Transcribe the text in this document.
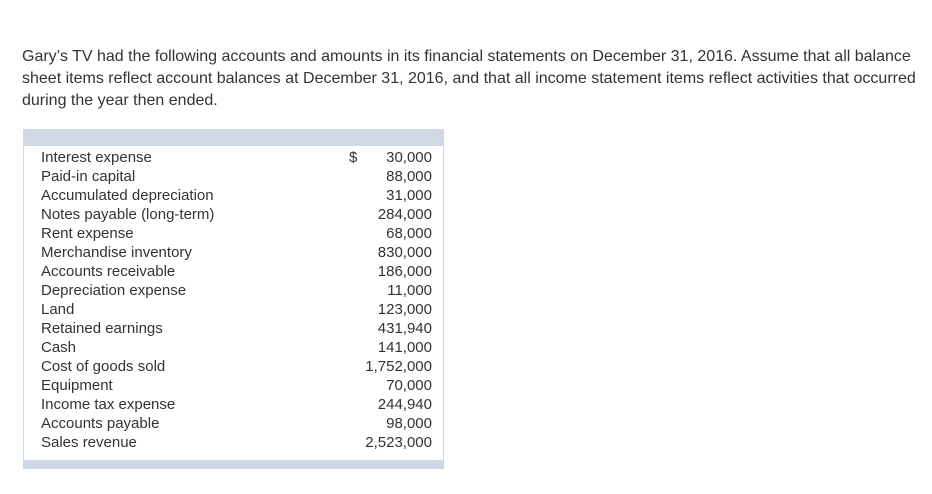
Gary’s TV had the following accounts and amounts in its financial statements on December 31, 2016. Assume that all balance sheet items reflect account balances at December 31, 2016, and that all income statement items reflect activities that occurred during the year then ended.

Interest expense	$ 30,000
Paid-in capital	88,000
Accumulated depreciation	31,000
Notes payable (long-term)	284,000
Rent expense	68,000
Merchandise inventory	830,000
Accounts receivable	186,000
Depreciation expense	11,000
Land	123,000
Retained earnings	431,940
Cash	141,000
Cost of goods sold	1,752,000
Equipment	70,000
Income tax expense	244,940
Accounts payable	98,000
Sales revenue	2,523,000
